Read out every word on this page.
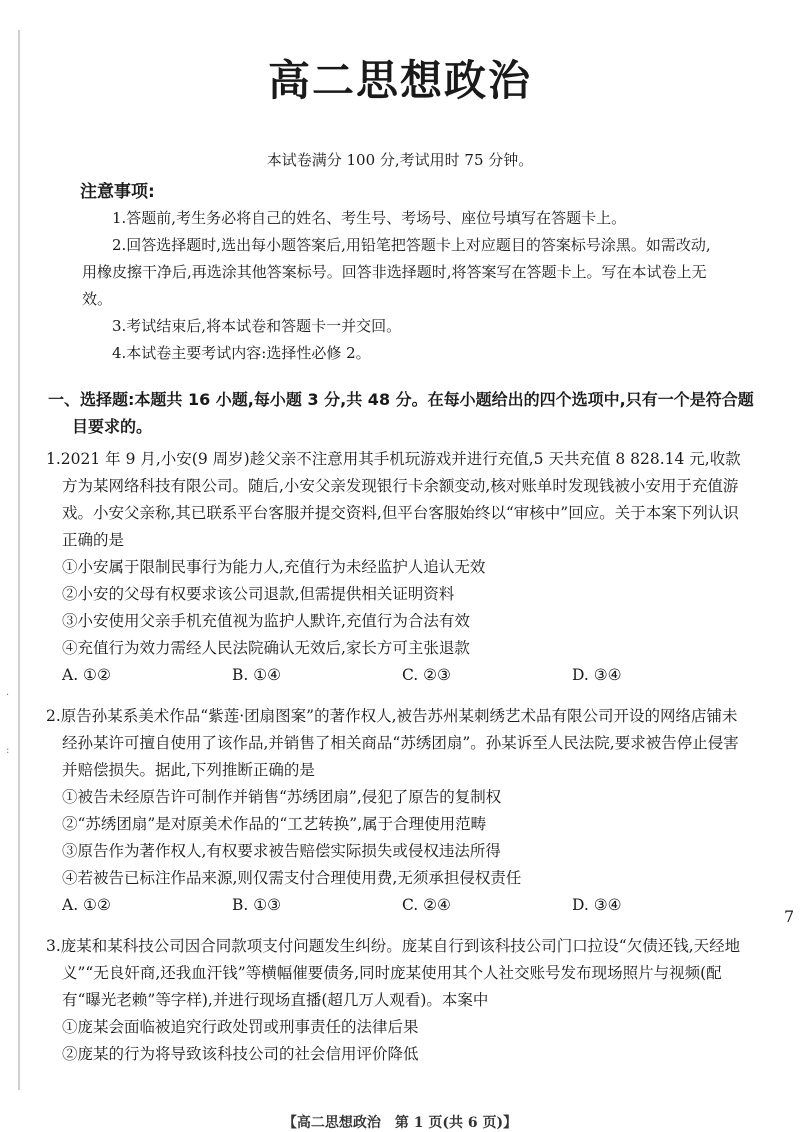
·
:
高二思想政治
本试卷满分 100 分,考试用时 75 分钟。
注意事项:

1.答题前,考生务必将自己的姓名、考生号、考场号、座位号填写在答题卡上。

2.回答选择题时,选出每小题答案后,用铅笔把答题卡上对应题目的答案标号涂黑。如需改动,用橡皮擦干净后,再选涂其他答案标号。回答非选择题时,将答案写在答题卡上。写在本试卷上无效。

3.考试结束后,将本试卷和答题卡一并交回。

4.本试卷主要考试内容:选择性必修 2。

一、选择题:本题共 16 小题,每小题 3 分,共 48 分。在每小题给出的四个选项中,只有一个是符合题目要求的。
1.2021 年 9 月,小安(9 周岁)趁父亲不注意用其手机玩游戏并进行充值,5 天共充值 8 828.14 元,收款方为某网络科技有限公司。随后,小安父亲发现银行卡余额变动,核对账单时发现钱被小安用于充值游戏。小安父亲称,其已联系平台客服并提交资料,但平台客服始终以“审核中”回应。关于本案下列认识正确的是
①小安属于限制民事行为能力人,充值行为未经监护人追认无效
②小安的父母有权要求该公司退款,但需提供相关证明资料
③小安使用父亲手机充值视为监护人默许,充值行为合法有效
④充值行为效力需经人民法院确认无效后,家长方可主张退款
A. ①②	B. ①④	C. ②③	D. ③④
2.原告孙某系美术作品“紫莲·团扇图案”的著作权人,被告苏州某刺绣艺术品有限公司开设的网络店铺未经孙某许可擅自使用了该作品,并销售了相关商品“苏绣团扇”。孙某诉至人民法院,要求被告停止侵害并赔偿损失。据此,下列推断正确的是
①被告未经原告许可制作并销售“苏绣团扇”,侵犯了原告的复制权
②“苏绣团扇”是对原美术作品的“工艺转换”,属于合理使用范畴
③原告作为著作权人,有权要求被告赔偿实际损失或侵权违法所得
④若被告已标注作品来源,则仅需支付合理使用费,无须承担侵权责任
A. ①②	B. ①③	C. ②④	D. ③④
3.庞某和某科技公司因合同款项支付问题发生纠纷。庞某自行到该科技公司门口拉设“欠债还钱,天经地义”“无良奸商,还我血汗钱”等横幅催要债务,同时庞某使用其个人社交账号发布现场照片与视频(配有“曝光老赖”等字样),并进行现场直播(超几万人观看)。本案中
①庞某会面临被追究行政处罚或刑事责任的法律后果
②庞某的行为将导致该科技公司的社会信用评价降低
7
【高二思想政治　第 1 页(共 6 页)】
